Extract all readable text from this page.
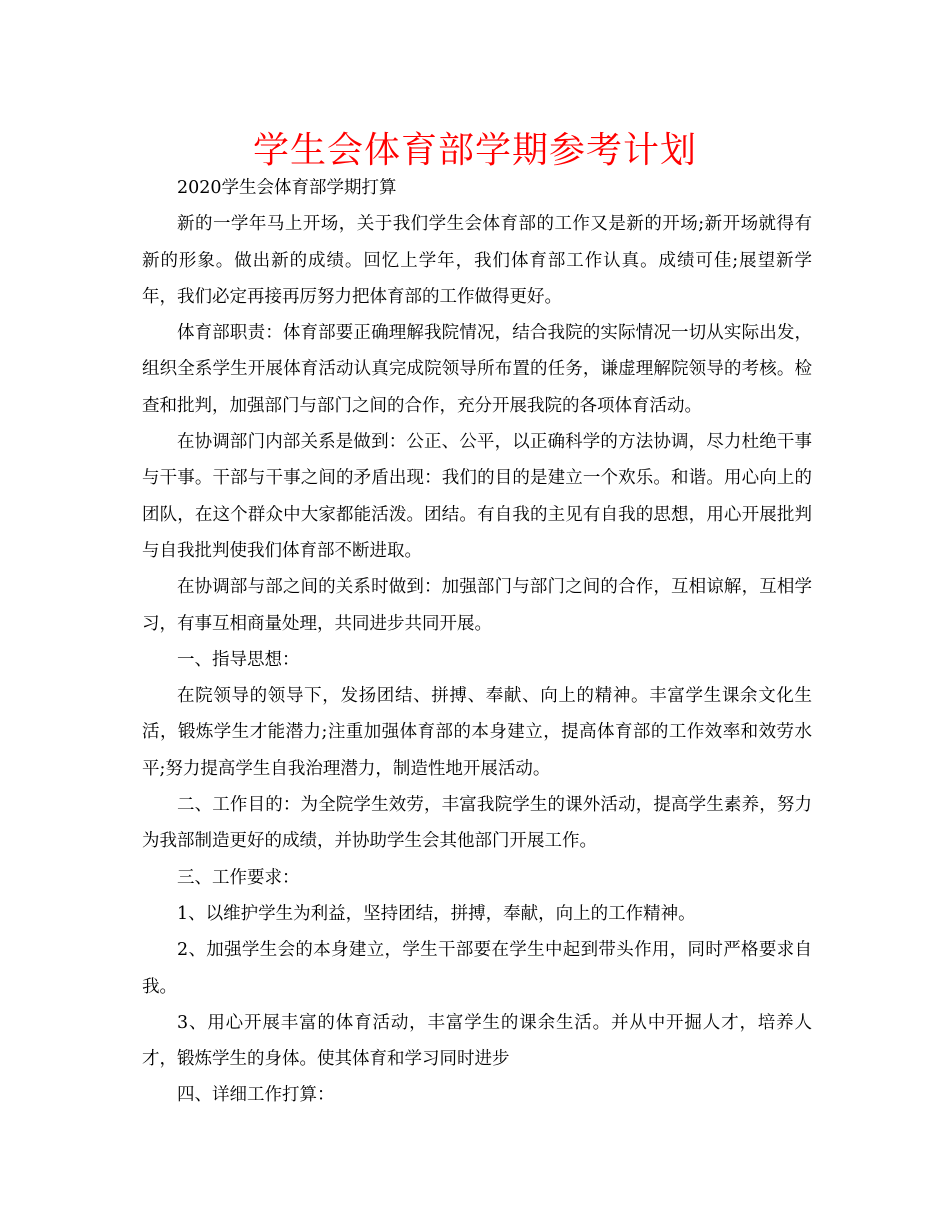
学生会体育部学期参考计划

2020学生会体育部学期打算

新的一学年马上开场，关于我们学生会体育部的工作又是新的开场;新开场就得有新的形象。做出新的成绩。回忆上学年，我们体育部工作认真。成绩可佳;展望新学年，我们必定再接再厉努力把体育部的工作做得更好。

体育部职责：体育部要正确理解我院情况，结合我院的实际情况一切从实际出发，组织全系学生开展体育活动认真完成院领导所布置的任务，谦虚理解院领导的考核。检查和批判，加强部门与部门之间的合作，充分开展我院的各项体育活动。

在协调部门内部关系是做到：公正、公平，以正确科学的方法协调，尽力杜绝干事与干事。干部与干事之间的矛盾出现：我们的目的是建立一个欢乐。和谐。用心向上的团队，在这个群众中大家都能活泼。团结。有自我的主见有自我的思想，用心开展批判与自我批判使我们体育部不断进取。

在协调部与部之间的关系时做到：加强部门与部门之间的合作，互相谅解，互相学习，有事互相商量处理，共同进步共同开展。

一、指导思想：

在院领导的领导下，发扬团结、拼搏、奉献、向上的精神。丰富学生课余文化生活，锻炼学生才能潜力;注重加强体育部的本身建立，提高体育部的工作效率和效劳水平;努力提高学生自我治理潜力，制造性地开展活动。

二、工作目的：为全院学生效劳，丰富我院学生的课外活动，提高学生素养，努力为我部制造更好的成绩，并协助学生会其他部门开展工作。

三、工作要求：

1、以维护学生为利益，坚持团结，拼搏，奉献，向上的工作精神。

2、加强学生会的本身建立，学生干部要在学生中起到带头作用，同时严格要求自我。

3、用心开展丰富的体育活动，丰富学生的课余生活。并从中开掘人才，培养人才，锻炼学生的身体。使其体育和学习同时进步

四、详细工作打算：
